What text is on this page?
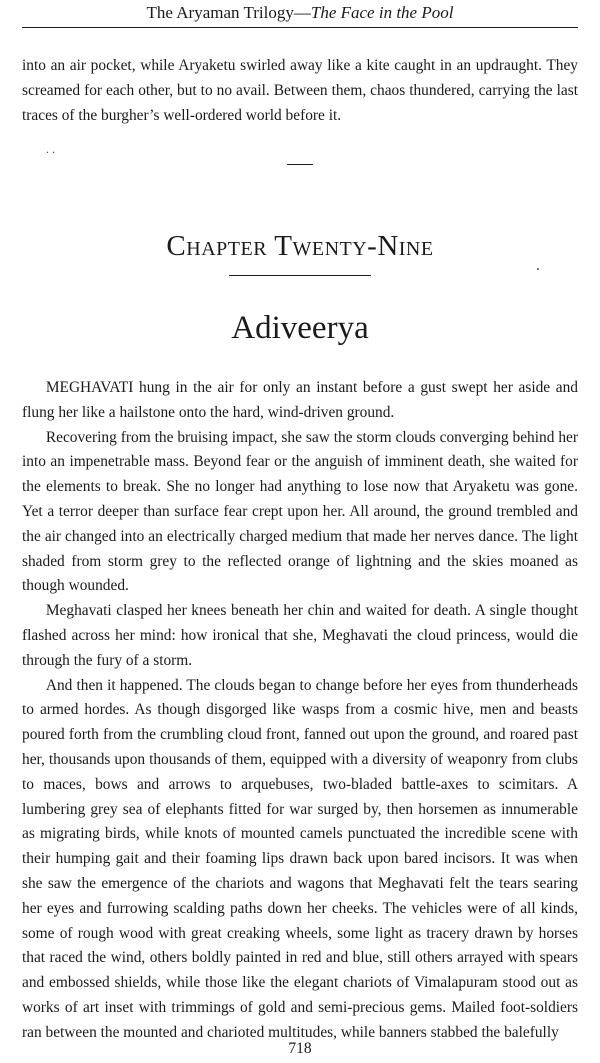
The Aryaman Trilogy—The Face in the Pool

into an air pocket, while Aryaketu swirled away like a kite caught in an updraught. They screamed for each other, but to no avail. Between them, chaos thundered, carrying the last traces of the burgher’s well-ordered world before it.

..
Chapter Twenty-Nine
Adiveerya

MEGHAVATI hung in the air for only an instant before a gust swept her aside and flung her like a hailstone onto the hard, wind-driven ground.

Recovering from the bruising impact, she saw the storm clouds converging behind her into an impenetrable mass. Beyond fear or the anguish of imminent death, she waited for the elements to break. She no longer had anything to lose now that Aryaketu was gone. Yet a terror deeper than surface fear crept upon her. All around, the ground trembled and the air changed into an electrically charged medium that made her nerves dance. The light shaded from storm grey to the reflected orange of lightning and the skies moaned as though wounded.

Meghavati clasped her knees beneath her chin and waited for death. A single thought flashed across her mind: how ironical that she, Meghavati the cloud princess, would die through the fury of a storm.

And then it happened. The clouds began to change before her eyes from thunderheads to armed hordes. As though disgorged like wasps from a cosmic hive, men and beasts poured forth from the crumbling cloud front, fanned out upon the ground, and roared past her, thousands upon thousands of them, equipped with a diversity of weaponry from clubs to maces, bows and arrows to arquebuses, two-bladed battle-axes to scimitars. A lumbering grey sea of elephants fitted for war surged by, then horsemen as innumerable as migrating birds, while knots of mounted camels punctuated the incredible scene with their humping gait and their foaming lips drawn back upon bared incisors. It was when she saw the emergence of the chariots and wagons that Meghavati felt the tears searing her eyes and furrowing scalding paths down her cheeks. The vehicles were of all kinds, some of rough wood with great creaking wheels, some light as tracery drawn by horses that raced the wind, others boldly painted in red and blue, still others arrayed with spears and embossed shields, while those like the elegant chariots of Vimalapuram stood out as works of art inset with trimmings of gold and semi-precious gems. Mailed foot-soldiers ran between the mounted and charioted multitudes, while banners stabbed the balefully

718
